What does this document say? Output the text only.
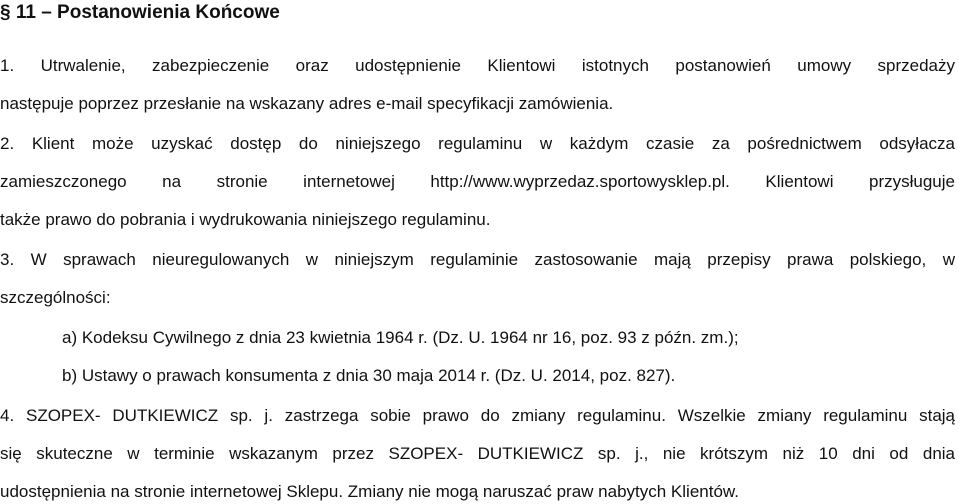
§ 11 – Postanowienia Końcowe
1. Utrwalenie, zabezpieczenie oraz udostępnienie Klientowi istotnych postanowień umowy sprzedaży
następuje poprzez przesłanie na wskazany adres e-mail specyfikacji zamówienia.
2. Klient może uzyskać dostęp do niniejszego regulaminu w każdym czasie za pośrednictwem odsyłacza
zamieszczonego na stronie internetowej http://www.wyprzedaz.sportowysklep.pl. Klientowi przysługuje
także prawo do pobrania i wydrukowania niniejszego regulaminu.
3. W sprawach nieuregulowanych w niniejszym regulaminie zastosowanie mają przepisy prawa polskiego, w
szczególności:
a) Kodeksu Cywilnego z dnia 23 kwietnia 1964 r. (Dz. U. 1964 nr 16, poz. 93 z późn. zm.);
b) Ustawy o prawach konsumenta z dnia 30 maja 2014 r. (Dz. U. 2014, poz. 827).
4. SZOPEX- DUTKIEWICZ sp. j. zastrzega sobie prawo do zmiany regulaminu. Wszelkie zmiany regulaminu stają
się skuteczne w terminie wskazanym przez SZOPEX- DUTKIEWICZ sp. j., nie krótszym niż 10 dni od dnia
udostępnienia na stronie internetowej Sklepu. Zmiany nie mogą naruszać praw nabytych Klientów.
